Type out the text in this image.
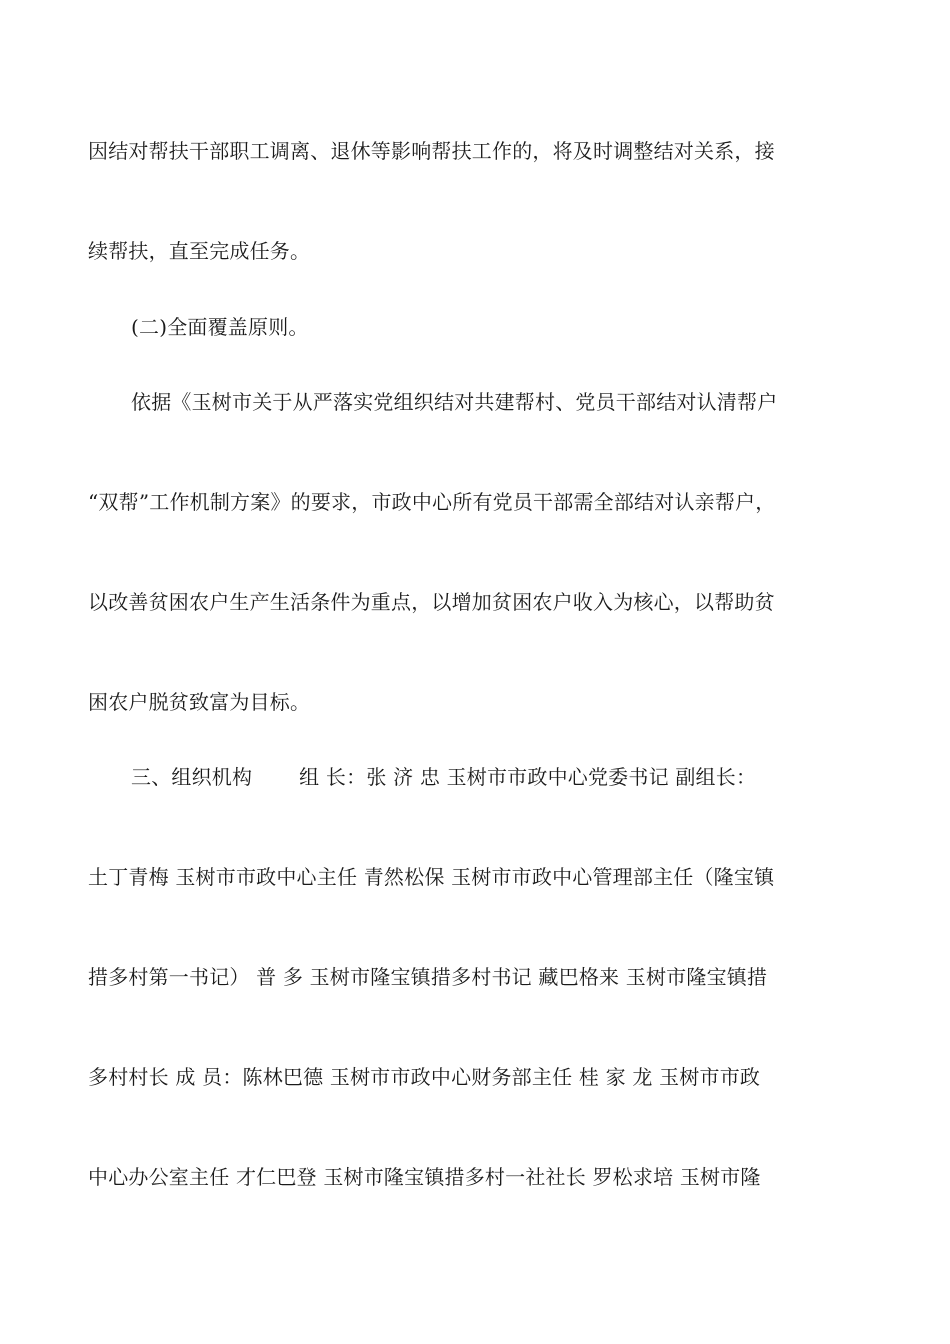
因结对帮扶干部职工调离、退休等影响帮扶工作的，将及时调整结对关系，接
续帮扶，直至完成任务。
(二)全面覆盖原则。
依据《玉树市关于从严落实党组织结对共建帮村、党员干部结对认清帮户
“双帮”工作机制方案》的要求，市政中心所有党员干部需全部结对认亲帮户，
以改善贫困农户生产生活条件为重点，以增加贫困农户收入为核心，以帮助贫
困农户脱贫致富为目标。
三、组织机构　　 组 长：张 济 忠 玉树市市政中心党委书记 副组长：
土丁青梅 玉树市市政中心主任 青然松保 玉树市市政中心管理部主任（隆宝镇
措多村第一书记） 普 多 玉树市隆宝镇措多村书记 藏巴格来 玉树市隆宝镇措
多村村长 成 员：陈林巴德 玉树市市政中心财务部主任 桂 家 龙 玉树市市政
中心办公室主任 才仁巴登 玉树市隆宝镇措多村一社社长 罗松求培 玉树市隆
